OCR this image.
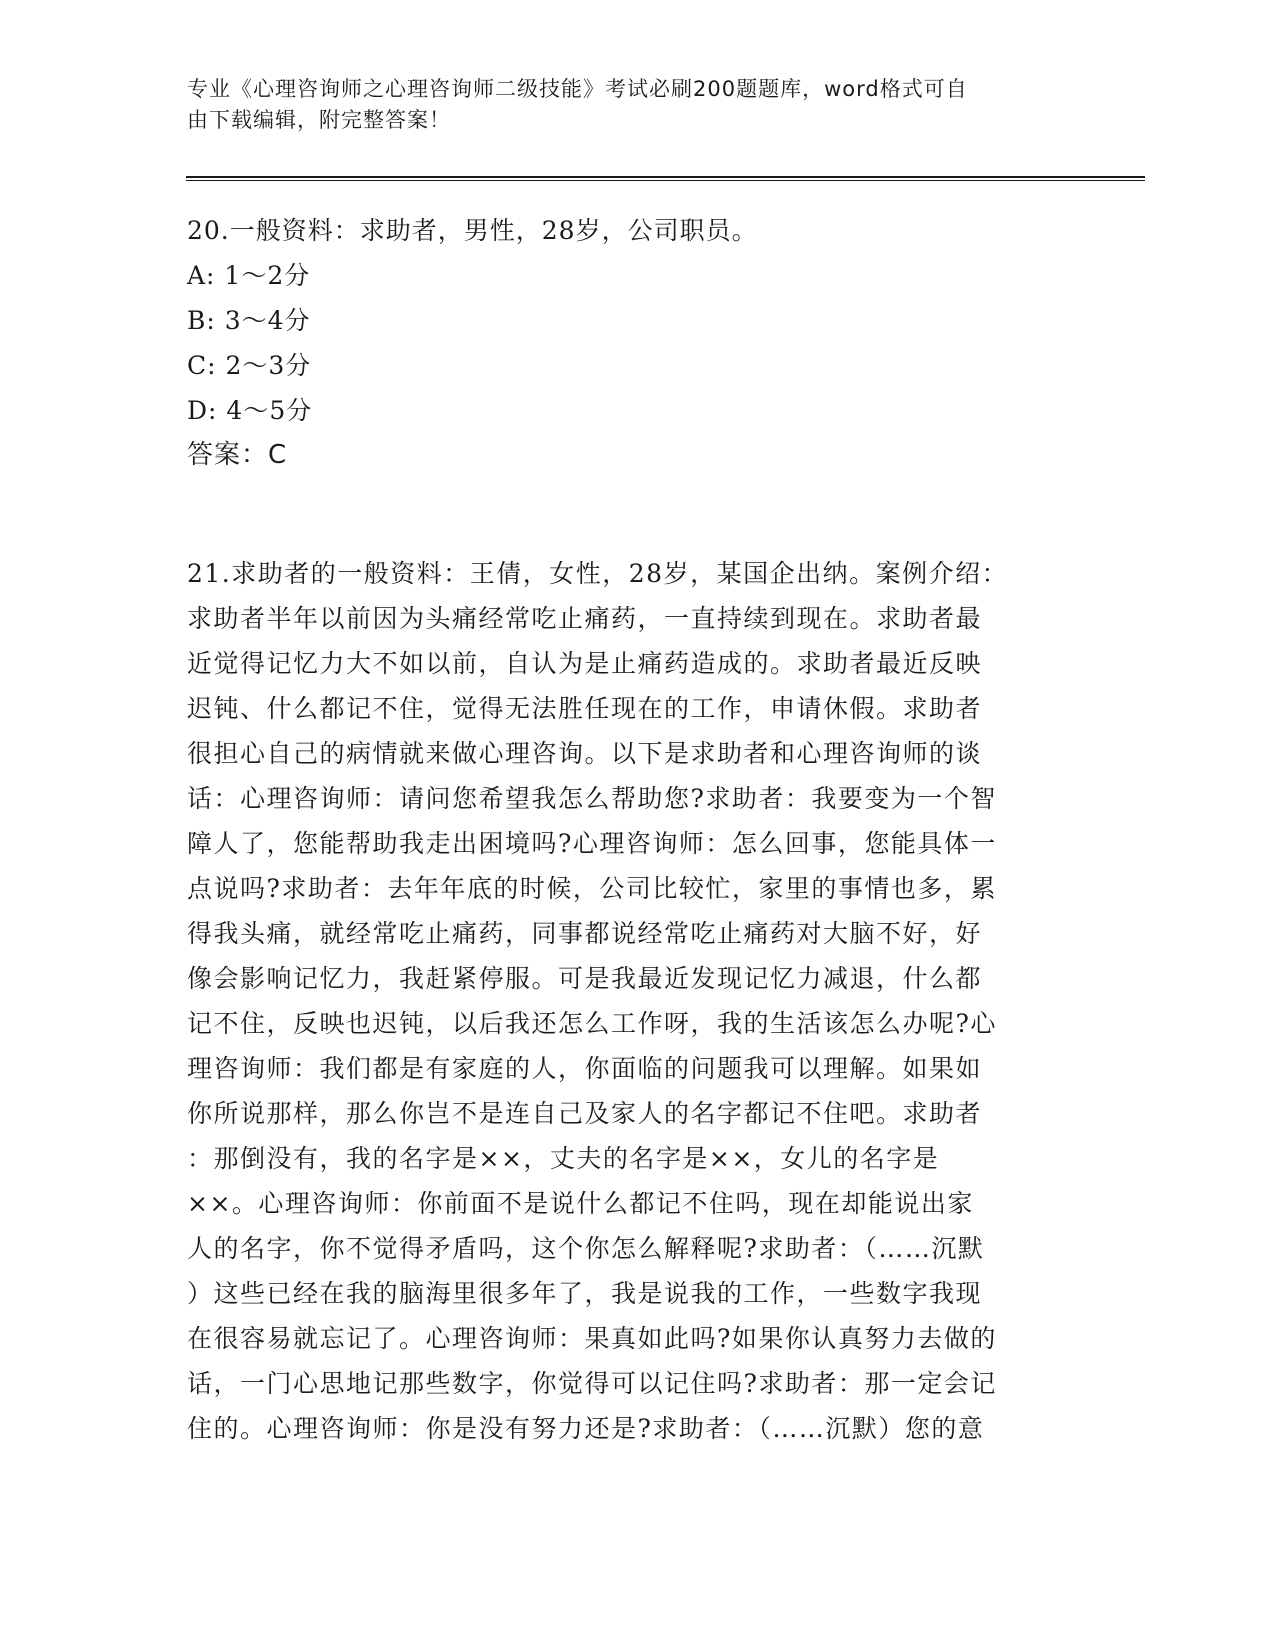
专业《心理咨询师之心理咨询师二级技能》考试必刷200题题库，word格式可自
由下载编辑，附完整答案！
20.一般资料：求助者，男性，28岁，公司职员。
A: 1～2分
B: 3～4分
C: 2～3分
D: 4～5分
答案：C
21.求助者的一般资料：王倩，女性，28岁，某国企出纳。案例介绍：
求助者半年以前因为头痛经常吃止痛药，一直持续到现在。求助者最
近觉得记忆力大不如以前，自认为是止痛药造成的。求助者最近反映
迟钝、什么都记不住，觉得无法胜任现在的工作，申请休假。求助者
很担心自己的病情就来做心理咨询。以下是求助者和心理咨询师的谈
话：心理咨询师：请问您希望我怎么帮助您?求助者：我要变为一个智
障人了，您能帮助我走出困境吗?心理咨询师：怎么回事，您能具体一
点说吗?求助者：去年年底的时候，公司比较忙，家里的事情也多，累
得我头痛，就经常吃止痛药，同事都说经常吃止痛药对大脑不好，好
像会影响记忆力，我赶紧停服。可是我最近发现记忆力减退，什么都
记不住，反映也迟钝，以后我还怎么工作呀，我的生活该怎么办呢?心
理咨询师：我们都是有家庭的人，你面临的问题我可以理解。如果如
你所说那样，那么你岂不是连自己及家人的名字都记不住吧。求助者
：那倒没有，我的名字是××，丈夫的名字是××，女儿的名字是
××。心理咨询师：你前面不是说什么都记不住吗，现在却能说出家
人的名字，你不觉得矛盾吗，这个你怎么解释呢?求助者：（……沉默
）这些已经在我的脑海里很多年了，我是说我的工作，一些数字我现
在很容易就忘记了。心理咨询师：果真如此吗?如果你认真努力去做的
话，一门心思地记那些数字，你觉得可以记住吗?求助者：那一定会记
住的。心理咨询师：你是没有努力还是?求助者：（……沉默）您的意
